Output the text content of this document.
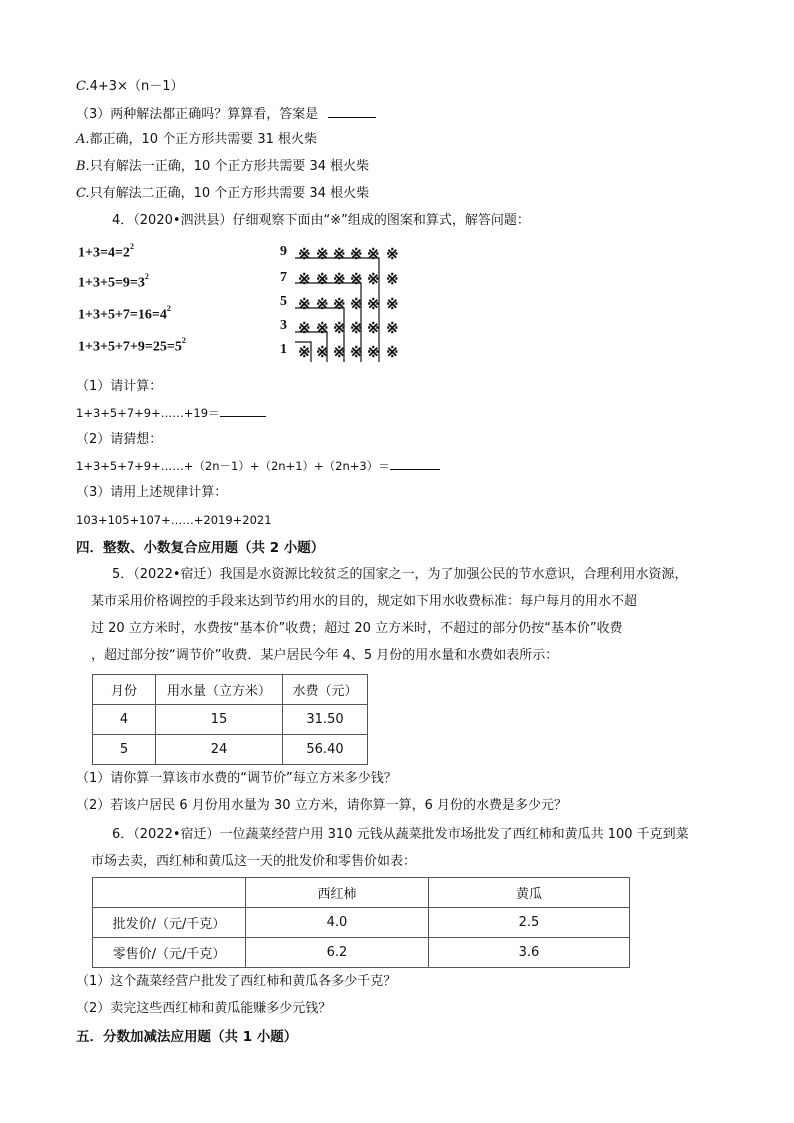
C.4+3×（n－1）
（3）两种解法都正确吗？算算看，答案是
A.都正确，10 个正方形共需要 31 根火柴
B.只有解法一正确，10 个正方形共需要 34 根火柴
C.只有解法二正确，10 个正方形共需要 34 根火柴
4．（2020•泗洪县）仔细观察下面由“※”组成的图案和算式，解答问题：
$1+3=4=2^2$
$1+3+5=9=3^2$
$1+3+5+7=16=4^2$
$1+3+5+7+9=25=5^2$
9
7
5
3
1
※ ※ ※ ※ ※ ※
※
※
※
※
※ ※ ※ ※ ※
※
※
※
※ ※ ※ ※
※
※
※ ※ ※
※
※ ※
（1）请计算：
1+3+5+7+9+……+19＝
（2）请猜想：
1+3+5+7+9+……+（2n－1）+（2n+1）+（2n+3）＝
（3）请用上述规律计算：
103+105+107+……+2019+2021
四．整数、小数复合应用题（共 2 小题）
5．（2022•宿迁）我国是水资源比较贫乏的国家之一，为了加强公民的节水意识，合理利用水资源，
某市采用价格调控的手段来达到节约用水的目的，规定如下用水收费标准：每户每月的用水不超
过 20 立方米时，水费按“基本价”收费；超过 20 立方米时，不超过的部分仍按“基本价”收费
，超过部分按“调节价”收费．某户居民今年 4、5 月份的用水量和水费如表所示：
月份	用水量（立方米）	水费（元）
4	15	31.50
5	24	56.40
（1）请你算一算该市水费的“调节价”每立方米多少钱？
（2）若该户居民 6 月份用水量为 30 立方米，请你算一算，6 月份的水费是多少元？
6．（2022•宿迁）一位蔬菜经营户用 310 元钱从蔬菜批发市场批发了西红柿和黄瓜共 100 千克到菜
市场去卖，西红柿和黄瓜这一天的批发价和零售价如表：
	西红柿	黄瓜
批发价/（元/千克）	4.0	2.5
零售价/（元/千克）	6.2	3.6
（1）这个蔬菜经营户批发了西红柿和黄瓜各多少千克？
（2）卖完这些西红柿和黄瓜能赚多少元钱？
五．分数加减法应用题（共 1 小题）
